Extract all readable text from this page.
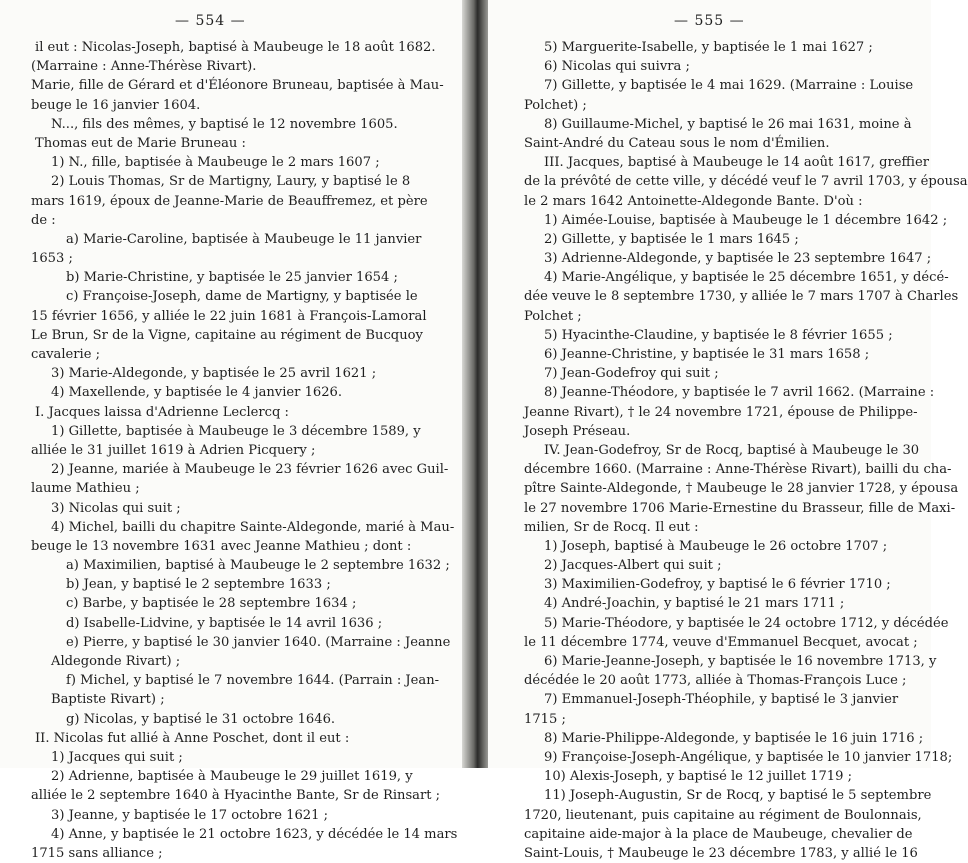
— 554 —
il eut : Nicolas-Joseph, baptisé à Maubeuge le 18 août 1682.
(Marraine : Anne-Thérèse Rivart).
Marie, fille de Gérard et d'Éléonore Bruneau, baptisée à Mau-
beuge le 16 janvier 1604.
N..., fils des mêmes, y baptisé le 12 novembre 1605.
Thomas eut de Marie Bruneau :
1) N., fille, baptisée à Maubeuge le 2 mars 1607 ;
2) Louis Thomas, Sr de Martigny, Laury, y baptisé le 8
mars 1619, époux de Jeanne-Marie de Beauffremez, et père
de :
a) Marie-Caroline, baptisée à Maubeuge le 11 janvier
1653 ;
b) Marie-Christine, y baptisée le 25 janvier 1654 ;
c) Françoise-Joseph, dame de Martigny, y baptisée le
15 février 1656, y alliée le 22 juin 1681 à François-Lamoral
Le Brun, Sr de la Vigne, capitaine au régiment de Bucquoy
cavalerie ;
3) Marie-Aldegonde, y baptisée le 25 avril 1621 ;
4) Maxellende, y baptisée le 4 janvier 1626.
I. Jacques laissa d'Adrienne Leclercq :
1) Gillette, baptisée à Maubeuge le 3 décembre 1589, y
alliée le 31 juillet 1619 à Adrien Picquery ;
2) Jeanne, mariée à Maubeuge le 23 février 1626 avec Guil-
laume Mathieu ;
3) Nicolas qui suit ;
4) Michel, bailli du chapitre Sainte-Aldegonde, marié à Mau-
beuge le 13 novembre 1631 avec Jeanne Mathieu ; dont :
a) Maximilien, baptisé à Maubeuge le 2 septembre 1632 ;
b) Jean, y baptisé le 2 septembre 1633 ;
c) Barbe, y baptisée le 28 septembre 1634 ;
d) Isabelle-Lidvine, y baptisée le 14 avril 1636 ;
e) Pierre, y baptisé le 30 janvier 1640. (Marraine : Jeanne
Aldegonde Rivart) ;
f) Michel, y baptisé le 7 novembre 1644. (Parrain : Jean-
Baptiste Rivart) ;
g) Nicolas, y baptisé le 31 octobre 1646.
II. Nicolas fut allié à Anne Poschet, dont il eut :
1) Jacques qui suit ;
2) Adrienne, baptisée à Maubeuge le 29 juillet 1619, y
alliée le 2 septembre 1640 à Hyacinthe Bante, Sr de Rinsart ;
3) Jeanne, y baptisée le 17 octobre 1621 ;
4) Anne, y baptisée le 21 octobre 1623, y décédée le 14 mars
1715 sans alliance ;
— 555 —
5) Marguerite-Isabelle, y baptisée le 1 mai 1627 ;
6) Nicolas qui suivra ;
7) Gillette, y baptisée le 4 mai 1629. (Marraine : Louise
Polchet) ;
8) Guillaume-Michel, y baptisé le 26 mai 1631, moine à
Saint-André du Cateau sous le nom d'Émilien.
III. Jacques, baptisé à Maubeuge le 14 août 1617, greffier
de la prévôté de cette ville, y décédé veuf le 7 avril 1703, y épousa
le 2 mars 1642 Antoinette-Aldegonde Bante. D'où :
1) Aimée-Louise, baptisée à Maubeuge le 1 décembre 1642 ;
2) Gillette, y baptisée le 1 mars 1645 ;
3) Adrienne-Aldegonde, y baptisée le 23 septembre 1647 ;
4) Marie-Angélique, y baptisée le 25 décembre 1651, y décé-
dée veuve le 8 septembre 1730, y alliée le 7 mars 1707 à Charles
Polchet ;
5) Hyacinthe-Claudine, y baptisée le 8 février 1655 ;
6) Jeanne-Christine, y baptisée le 31 mars 1658 ;
7) Jean-Godefroy qui suit ;
8) Jeanne-Théodore, y baptisée le 7 avril 1662. (Marraine :
Jeanne Rivart), † le 24 novembre 1721, épouse de Philippe-
Joseph Préseau.
IV. Jean-Godefroy, Sr de Rocq, baptisé à Maubeuge le 30
décembre 1660. (Marraine : Anne-Thérèse Rivart), bailli du cha-
pître Sainte-Aldegonde, † Maubeuge le 28 janvier 1728, y épousa
le 27 novembre 1706 Marie-Ernestine du Brasseur, fille de Maxi-
milien, Sr de Rocq. Il eut :
1) Joseph, baptisé à Maubeuge le 26 octobre 1707 ;
2) Jacques-Albert qui suit ;
3) Maximilien-Godefroy, y baptisé le 6 février 1710 ;
4) André-Joachin, y baptisé le 21 mars 1711 ;
5) Marie-Théodore, y baptisée le 24 octobre 1712, y décédée
le 11 décembre 1774, veuve d'Emmanuel Becquet, avocat ;
6) Marie-Jeanne-Joseph, y baptisée le 16 novembre 1713, y
décédée le 20 août 1773, alliée à Thomas-François Luce ;
7) Emmanuel-Joseph-Théophile, y baptisé le 3 janvier
1715 ;
8) Marie-Philippe-Aldegonde, y baptisée le 16 juin 1716 ;
9) Françoise-Joseph-Angélique, y baptisée le 10 janvier 1718;
10) Alexis-Joseph, y baptisé le 12 juillet 1719 ;
11) Joseph-Augustin, Sr de Rocq, y baptisé le 5 septembre
1720, lieutenant, puis capitaine au régiment de Boulonnais,
capitaine aide-major à la place de Maubeuge, chevalier de
Saint-Louis, † Maubeuge le 23 décembre 1783, y allié le 16
